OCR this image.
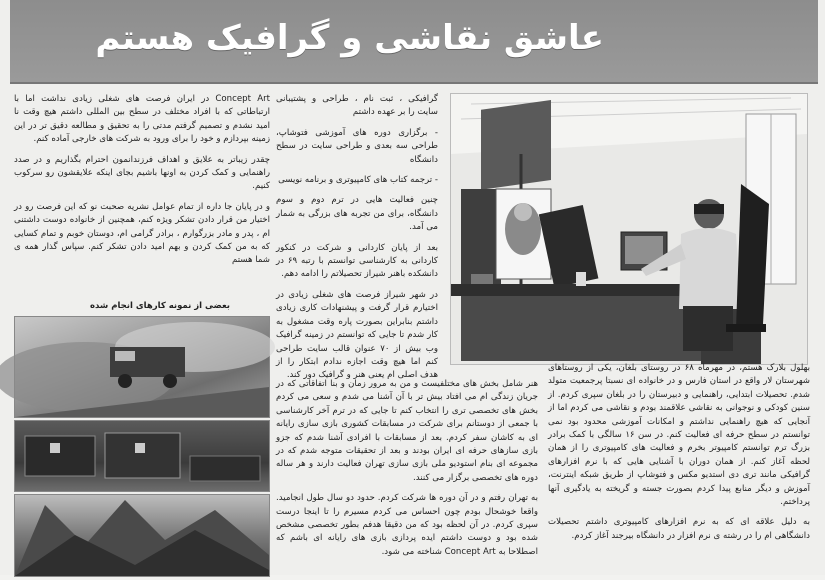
عاشق نقاشی و گرافیک هستم

بهلول بلارک هستم، در مهرماه ۶۸ در روستای بلغان، یکی از روستاهای شهرستان لار واقع در استان فارس و در خانواده ای نسبتا پرجمعیت متولد شدم. تحصیلات ابتدایی، راهنمایی و دبیرستان را در بلغان سپری کردم. از سنین کودکی و نوجوانی به نقاشی علاقمند بودم و نقاشی می کردم اما از آنجایی که هیچ راهنمایی نداشتم و امکانات آموزشی محدود بود نمی توانستم در سطح حرفه ای فعالیت کنم. در سن ۱۶ سالگی با کمک برادر بزرگ ترم توانستم کامپیوتر بخرم و فعالیت های کامپیوتری را از همان لحظه آغاز کنم. از همان دوران با آشنایی هایی که با نرم افزارهای گرافیکی مانند تری دی استدیو مکس و فتوشاپ از طریق شبکه اینترنت، آموزش و دیگر منابع پیدا کردم بصورت جسته و گریخته به یادگیری آنها پرداختم.

به دلیل علاقه ای که به نرم افزارهای کامپیوتری داشتم تحصیلات دانشگاهی ام را در رشته ی نرم افزار در دانشگاه بیرجند آغاز کردم.

گرافیکی ، ثبت نام ، طراحی و پشتیبانی سایت را بر عهده داشتم

- برگزاری دوره های آموزشی فتوشاپ، طراحی سه بعدی و طراحی سایت در سطح دانشگاه

- ترجمه کتاب های کامپیوتری و برنامه نویسی

چنین فعالیت هایی در ترم دوم و سوم دانشگاه، برای من تجربه های بزرگی به شمار می آمد.

بعد از پایان کاردانی و شرکت در کنکور کاردانی به کارشناسی توانستم با رتبه ۶۹ در دانشکده باهنر شیراز تحصیلاتم را ادامه دهم.

در شهر شیراز فرصت های شغلی زیادی در اختیارم قرار گرفت و پیشنهادات کاری زیادی داشتم بنابراین بصورت پاره وقت مشغول به کار شدم تا جایی که توانستم در زمینه گرافیک وب بیش از ۷۰ عنوان قالب سایت طراحی کنم اما هیچ وقت اجازه ندادم ابتکار را از هدف اصلی ام یعنی هنر و گرافیک دور کند.

هنر شامل بخش های مختلفیست و من به مرور زمان و بنا اتفاقاتی که در جریان زندگی ام می افتاد بیش تر با آن آشنا می شدم و سعی می کردم بخش های تخصصی تری را انتخاب کنم تا جایی که در ترم آخر کارشناسی با جمعی از دوستانم برای شرکت در مسابقات کشوری بازی سازی رایانه ای به کاشان سفر کردم. بعد از مسابقات با افرادی آشنا شدم که جزو بازی سازهای حرفه ای ایران بودند و بعد از تحقیقات متوجه شدم که در مجموعه ای بنام استودیو ملی بازی سازی تهران فعالیت دارند و هر ساله دوره های تخصصی برگزار می کنند.

به تهران رفتم و در آن دوره ها شرکت کردم. حدود دو سال طول انجامید. واقعا خوشحال بودم چون احساس می کردم مسیرم را تا اینجا درست سپری کردم. در آن لحظه بود که من دقیقا هدفم بطور تخصصی مشخص شده بود و دوست داشتم ایده پردازی بازی های رایانه ای باشم که اصطلاحا به Concept Art شناخته می شود.

Concept Art در ایران فرصت های شغلی زیادی نداشت اما با ارتباطاتی که با افراد مختلف در سطح بین المللی داشتم هیچ وقت نا امید نشدم و تصمیم گرفتم مدتی را به تحقیق و مطالعه دقیق تر در این زمینه بپردازم و خود را برای ورود به شرکت های خارجی آماده کنم.

چقدر زیباتر به علایق و اهداف فرزندانمون احترام بگذاریم و در صدد راهنمایی و کمک کردن به اونها باشیم بجای اینکه علایقشون رو سرکوب کنیم.

و در پایان جا داره از تمام عوامل نشریه صحبت نو که این فرصت رو در اختیار من قرار دادن تشکر ویژه کنم، همچنین از خانواده دوست داشتنی ام ، پدر و مادر بزرگوارم ، برادر گرامی ام، دوستان خوبم و تمام کسایی که به من کمک کردن و بهم امید دادن تشکر کنم. سپاس گذار همه ی شما هستم

بعضی از نمونه کارهای انجام شده
